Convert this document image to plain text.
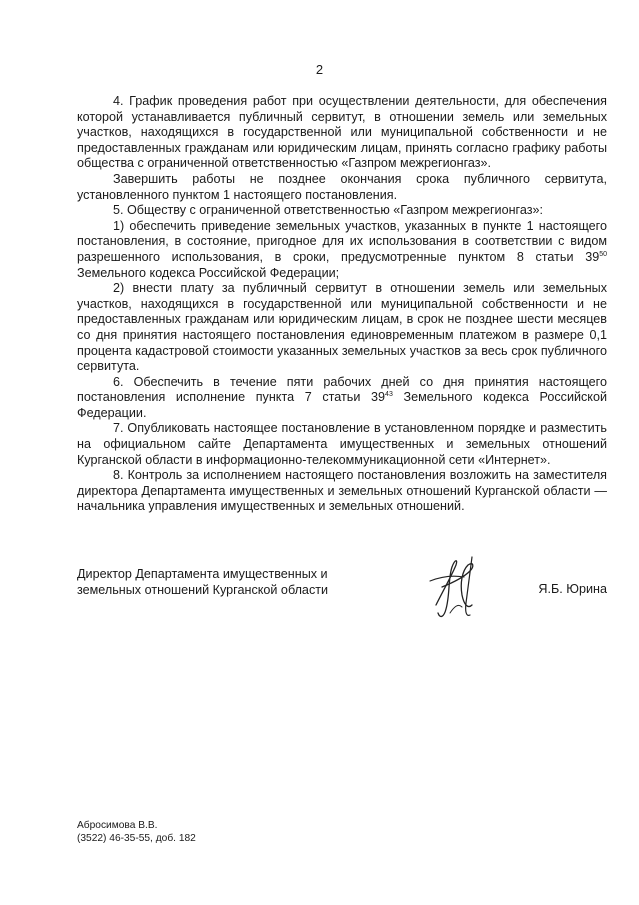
2

4. График проведения работ при осуществлении деятельности, для обеспечения которой устанавливается публичный сервитут, в отношении земель или земельных участков, находящихся в государственной или муниципальной собственности и не предоставленных гражданам или юридическим лицам, принять согласно графику работы общества с ограниченной ответственностью «Газпром межрегионгаз».

Завершить работы не позднее окончания срока публичного сервитута, установленного пунктом 1 настоящего постановления.

5. Обществу с ограниченной ответственностью «Газпром межрегионгаз»:

1) обеспечить приведение земельных участков, указанных в пункте 1 настоящего постановления, в состояние, пригодное для их использования в соответствии с видом разрешенного использования, в сроки, предусмотренные пунктом 8 статьи $39^{50}$ Земельного кодекса Российской Федерации;

2) внести плату за публичный сервитут в отношении земель или земельных участков, находящихся в государственной или муниципальной собственности и не предоставленных гражданам или юридическим лицам, в срок не позднее шести месяцев со дня принятия настоящего постановления единовременным платежом в размере 0,1 процента кадастровой стоимости указанных земельных участков за весь срок публичного сервитута.

6. Обеспечить в течение пяти рабочих дней со дня принятия настоящего постановления исполнение пункта 7 статьи $39^{43}$ Земельного кодекса Российской Федерации.

7. Опубликовать настоящее постановление в установленном порядке и разместить на официальном сайте Департамента имущественных и земельных отношений Курганской области в информационно-телекоммуникационной сети «Интернет».

8. Контроль за исполнением настоящего постановления возложить на заместителя директора Департамента имущественных и земельных отношений Курганской области — начальника управления имущественных и земельных отношений.

Директор Департамента имущественных и
земельных отношений Курганской области	Я.Б. Юрина
Абросимова В.В.
(3522) 46-35-55, доб. 182
